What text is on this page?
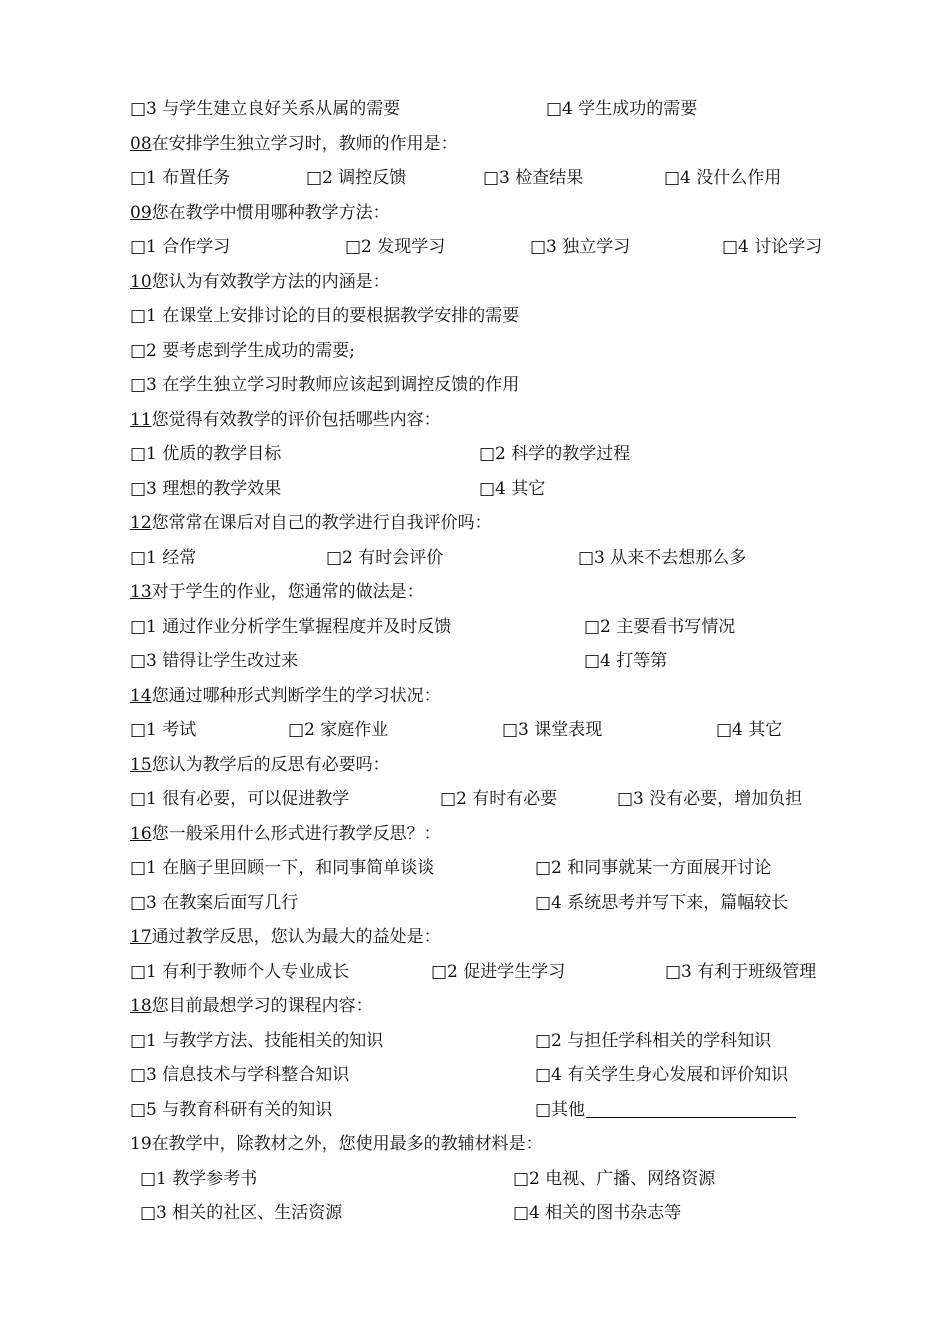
□3 与学生建立良好关系从属的需要	□4 学生成功的需要
08在安排学生独立学习时，教师的作用是：
□1 布置任务	□2 调控反馈	□3 检查结果	□4 没什么作用
09您在教学中惯用哪种教学方法：
□1 合作学习	□2 发现学习	□3 独立学习	□4 讨论学习
10您认为有效教学方法的内涵是：
□1 在课堂上安排讨论的目的要根据教学安排的需要
□2 要考虑到学生成功的需要;
□3 在学生独立学习时教师应该起到调控反馈的作用
11您觉得有效教学的评价包括哪些内容：
□1 优质的教学目标	□2 科学的教学过程
□3 理想的教学效果	□4 其它
12您常常在课后对自己的教学进行自我评价吗：
□1 经常	□2 有时会评价	□3 从来不去想那么多
13对于学生的作业，您通常的做法是：
□1 通过作业分析学生掌握程度并及时反馈	□2 主要看书写情况
□3 错得让学生改过来	□4 打等第
14您通过哪种形式判断学生的学习状况：
□1 考试	□2 家庭作业	□3 课堂表现	□4 其它
15您认为教学后的反思有必要吗：
□1 很有必要，可以促进教学	□2 有时有必要	□3 没有必要，增加负担
16您一般采用什么形式进行教学反思？：
□1 在脑子里回顾一下，和同事简单谈谈	□2 和同事就某一方面展开讨论
□3 在教案后面写几行	□4 系统思考并写下来，篇幅较长
17通过教学反思，您认为最大的益处是：
□1 有利于教师个人专业成长	□2 促进学生学习	□3 有利于班级管理
18您目前最想学习的课程内容：
□1 与教学方法、技能相关的知识	□2 与担任学科相关的学科知识
□3 信息技术与学科整合知识	□4 有关学生身心发展和评价知识
□5 与教育科研有关的知识	□其他
19在教学中，除教材之外，您使用最多的教辅材料是：
□1 教学参考书	□2 电视、广播、网络资源
□3 相关的社区、生活资源	□4 相关的图书杂志等
